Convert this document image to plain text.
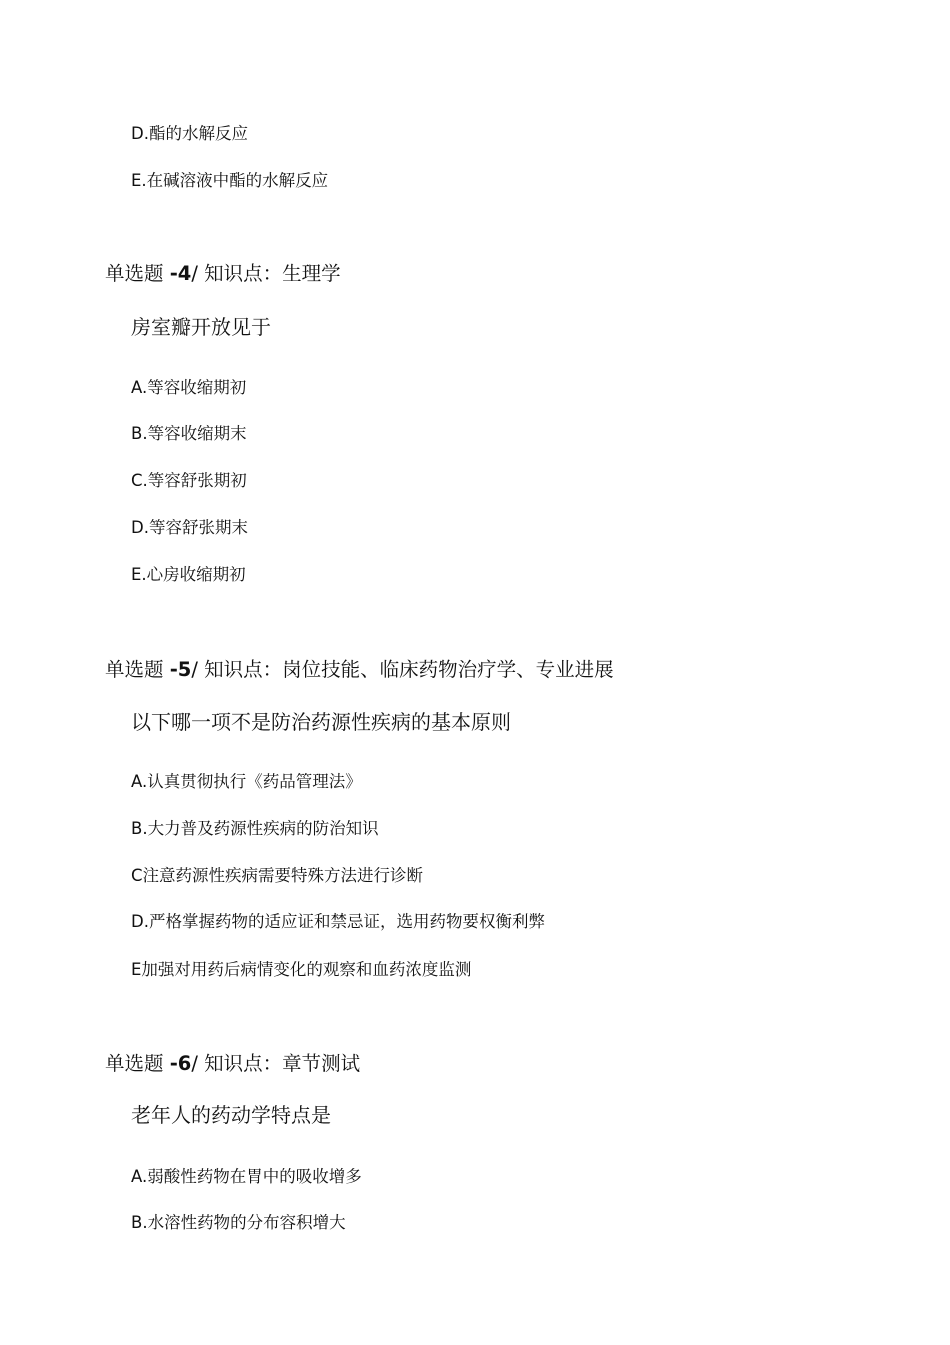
D.酯的水解反应
E.在碱溶液中酯的水解反应
单选题 -4/ 知识点：生理学
房室瓣开放见于
A.等容收缩期初
B.等容收缩期末
C.等容舒张期初
D.等容舒张期末
E.心房收缩期初
单选题 -5/ 知识点：岗位技能、临床药物治疗学、专业进展
以下哪一项不是防治药源性疾病的基本原则
A.认真贯彻执行《药品管理法》
B.大力普及药源性疾病的防治知识
C注意药源性疾病需要特殊方法进行诊断
D.严格掌握药物的适应证和禁忌证，选用药物要权衡利弊
E加强对用药后病情变化的观察和血药浓度监测
单选题 -6/ 知识点：章节测试
老年人的药动学特点是
A.弱酸性药物在胃中的吸收增多
B.水溶性药物的分布容积增大
